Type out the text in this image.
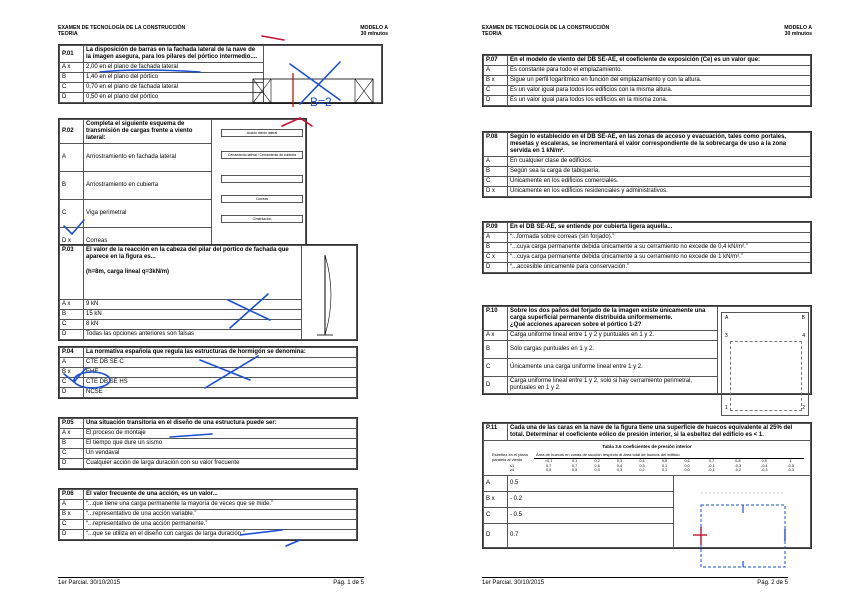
EXAMEN DE TECNOLOGÍA DE LA CONSTRUCCIÓN
TEORIA
MODELO A
30 minutos
P.01	La disposición de barras en la fachada lateral de la nave de la imagen asegura, para los pilares del pórtico intermedio....	
A x	2,00 en el plano de fachada lateral	
B	1,40 en el plano del pórtico	
C	0,70 en el plano de fachada lateral	
D	0,50 en el plano del pórtico	
P.02	Completa el siguiente esquema de transmisión de cargas frente a viento lateral:	
A	Arriostramiento en fachada lateral	
B	Arriostramiento en cubierta	
C	Viga perimetral	
D x	Correas	
Acción viento lateral
Cerramiento lateral / Cerramiento de cubierta

Correas
Cimentación
P.03	El valor de la reacción en la cabeza del pilar del pórtico de fachada que aparece en la figura es...
(h=8m, carga lineal q=3kN/m)	

A x	9 kN	
B	15 kN	
C	8 kN	
D	Todas las opciones anteriores son falsas	
P.04	La normativa española que regula las estructuras de hormigón se denomina:
A	CTE DB SE C
B x	EHE
C	CTE DB SE HS
D	NCSE
P.05	Una situación transitoria en el diseño de una estructura puede ser:
A x	El proceso de montaje
B	El tiempo que dure un sismo
C	Un vendaval
D	Cualquier acción de larga duración con su valor frecuente
P.06	El valor frecuente de una acción, es un valor...
A	“...que tiene una carga permanente la mayoría de veces que se mide.”
B x	“...representativo de una acción variable.”
C	“...representativo de una acción permanente.”
D	“...que se utiliza en el diseño con cargas de larga duración.”
1er Parcial. 30/10/2015	Pág. 1 de 5
B=2
EXAMEN DE TECNOLOGÍA DE LA CONSTRUCCIÓN
TEORIA
MODELO A
30 minutos
P.07	En el modelo de viento del DB SE-AE, el coeficiente de exposición (Ce) es un valor que:
A	Es constante para todo el emplazamiento.
B x	Sigue un perfil logarítmico en función del emplazamiento y con la altura.
C	Es un valor igual para todos los edificios con la misma altura.
D	Es un valor igual para todos los edificios en la misma zona.
P.08	Según lo establecido en el DB SE-AE, en las zonas de acceso y evacuación, tales como portales, mesetas y escaleras, se incrementará el valor correspondiente de la sobrecarga de uso a la zona servida en 1 kN/m².
A	En cualquier clase de edificios.
B	Según sea la carga de tabiquería.
C	Únicamente en los edificios comerciales.
D x	Únicamente en los edificios residenciales y administrativos.
P.09	En el DB SE-AE, se entiende por cubierta ligera aquella...
A	“...formada sobre correas (sin forjado).”
B	“...cuya carga permanente debida únicamente a su cerramiento no excede de 0,4 kN/m².”
C x	“...cuya carga permanente debida únicamente a su cerramiento no excede de 1 kN/m².”
D	“...accesible únicamente para conservación.”
P.10	Sobre los dos paños del forjado de la imagen existe únicamente una carga superficial permanente distribuida uniformemente.
¿Qué acciones aparecen sobre el pórtico 1-2?	

A x	Carga uniforme lineal entre 1 y 2 y puntuales en 1 y 2.	
B	Sólo cargas puntuales en 1 y 2.	
C	Únicamente una carga uniforme lineal entre 1 y 2.	
D	Carga uniforme lineal entre 1 y 2, solo si hay cerramiento perimetral, puntuales en 1 y 2.	
A	B
3	4
1	2
P.11	Cada una de las caras en la nave de la figura tiene una superficie de huecos equivalente al 25% del total. Determinar el coeficiente eólico de presión interior, si la esbeltez del edificio es < 1.

Tabla 3.6 Coeficientes de presión interior
Esbeltez en el plano paralelo al viento	Área de huecos en zonas de succión respecto al área total de huecos del edificio
<0,1	0,1	0,2	0,3	0,4	0,5	0,6	0,7	0,8	0,9	1
≤1	0,7	0,7	0,6	0,4	0,3	0,1	0,0	-0,1	-0,3	-0,4	-0,5
≥4	0,5	0,5	0,4	0,3	0,2	0,1	0,0	-0,1	-0,2	-0,3	-0,3

A	0.5	
B x	- 0.2
C	- 0.5
D	0.7
1er Parcial. 30/10/2015	Pág. 2 de 5
